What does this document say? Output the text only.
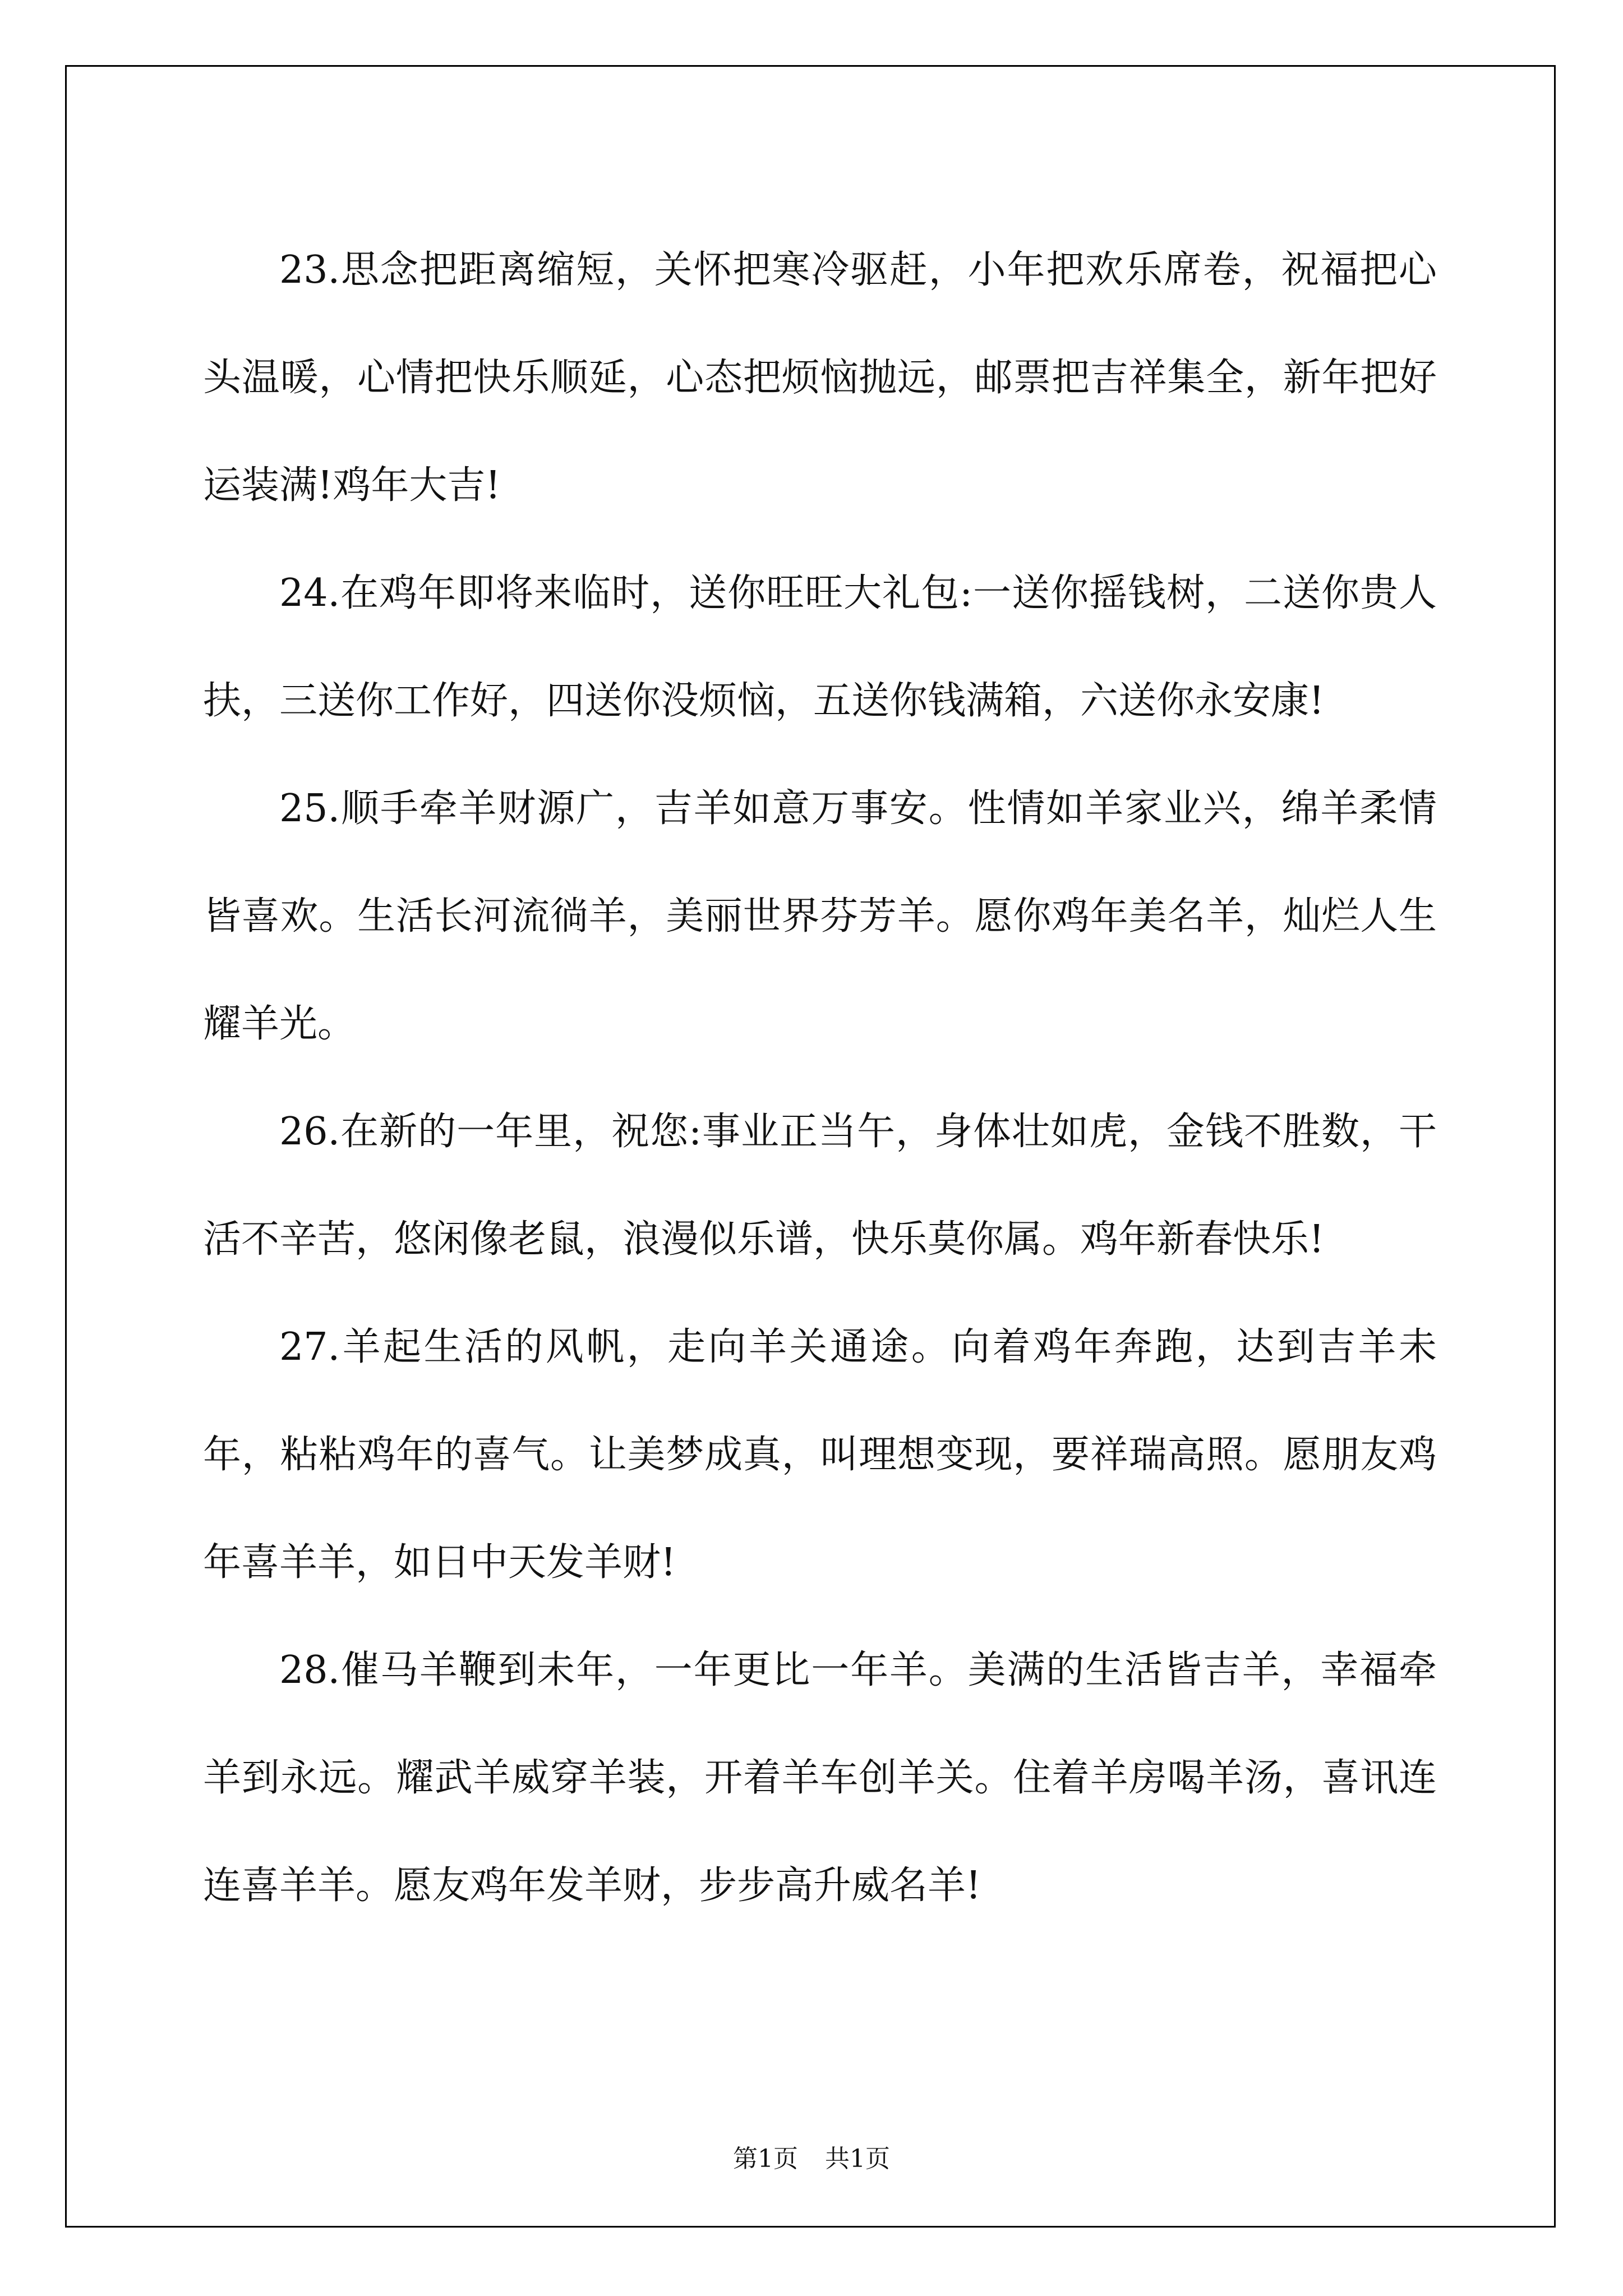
23.思念把距离缩短，关怀把寒冷驱赶，小年把欢乐席卷，祝福把心头温暖，心情把快乐顺延，心态把烦恼抛远，邮票把吉祥集全，新年把好运装满!鸡年大吉!

24.在鸡年即将来临时，送你旺旺大礼包:一送你摇钱树，二送你贵人扶，三送你工作好，四送你没烦恼，五送你钱满箱，六送你永安康!

25.顺手牵羊财源广，吉羊如意万事安。性情如羊家业兴，绵羊柔情皆喜欢。生活长河流徜羊，美丽世界芬芳羊。愿你鸡年美名羊，灿烂人生耀羊光。

26.在新的一年里，祝您:事业正当午，身体壮如虎，金钱不胜数，干活不辛苦，悠闲像老鼠，浪漫似乐谱，快乐莫你属。鸡年新春快乐!

27.羊起生活的风帆，走向羊关通途。向着鸡年奔跑，达到吉羊未年，粘粘鸡年的喜气。让美梦成真，叫理想变现，要祥瑞高照。愿朋友鸡年喜羊羊，如日中天发羊财!

28.催马羊鞭到未年，一年更比一年羊。美满的生活皆吉羊，幸福牵羊到永远。耀武羊威穿羊装，开着羊车创羊关。住着羊房喝羊汤，喜讯连连喜羊羊。愿友鸡年发羊财，步步高升威名羊!

第1页 共1页
